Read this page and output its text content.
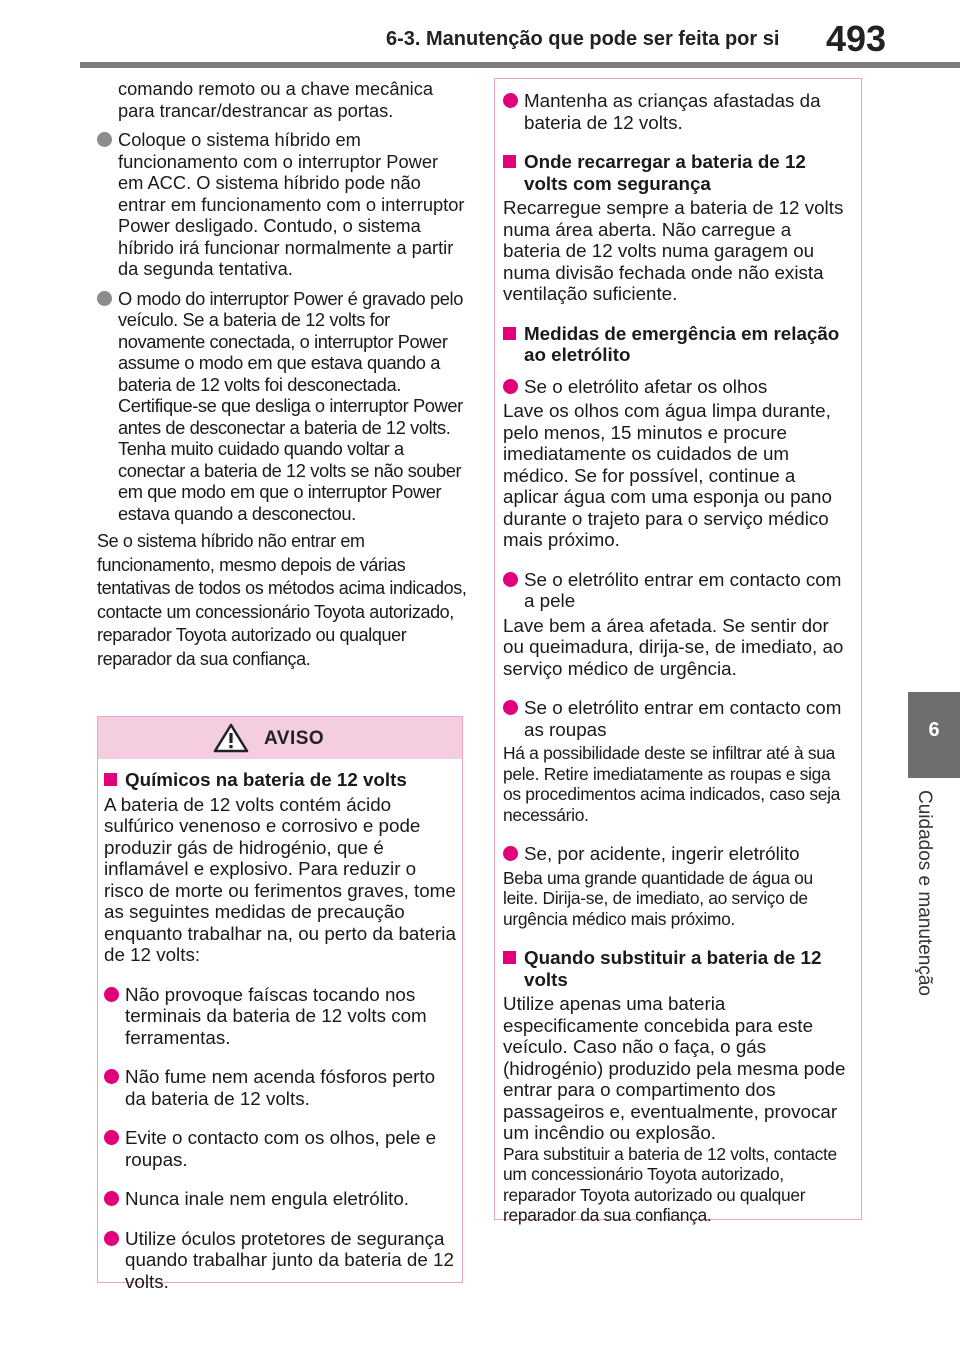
6-3. Manutenção que pode ser feita por si 493
6
Cuidados e manutenção
comando remoto ou a chave mecânica para trancar/destrancar as portas.
Coloque o sistema híbrido em funcionamento com o interruptor Power em ACC. O sistema híbrido pode não entrar em funcionamento com o interruptor Power desligado. Contudo, o sistema híbrido irá funcionar normalmente a partir da segunda tentativa.
O modo do interruptor Power é gravado pelo veículo. Se a bateria de 12 volts for novamente conectada, o interruptor Power assume o modo em que estava quando a bateria de 12 volts foi desconectada. Certifique-se que desliga o interruptor Power antes de desconectar a bateria de 12 volts. Tenha muito cuidado quando voltar a conectar a bateria de 12 volts se não souber em que modo em que o interruptor Power estava quando a desconectou.
Se o sistema híbrido não entrar em funcionamento, mesmo depois de várias tentativas de todos os métodos acima indicados, contacte um concessionário Toyota autorizado, reparador Toyota autorizado ou qualquer reparador da sua confiança.
AVISO
Químicos na bateria de 12 volts
A bateria de 12 volts contém ácido sulfúrico venenoso e corrosivo e pode produzir gás de hidrogénio, que é inflamável e explosivo. Para reduzir o risco de morte ou ferimentos graves, tome as seguintes medidas de precaução enquanto trabalhar na, ou perto da bateria de 12 volts:
Não provoque faíscas tocando nos terminais da bateria de 12 volts com ferramentas.
Não fume nem acenda fósforos perto da bateria de 12 volts.
Evite o contacto com os olhos, pele e roupas.
Nunca inale nem engula eletrólito.
Utilize óculos protetores de segurança quando trabalhar junto da bateria de 12 volts.
Mantenha as crianças afastadas da bateria de 12 volts.
Onde recarregar a bateria de 12 volts com segurança
Recarregue sempre a bateria de 12 volts numa área aberta. Não carregue a bateria de 12 volts numa garagem ou numa divisão fechada onde não exista ventilação suficiente.
Medidas de emergência em relação ao eletrólito
Se o eletrólito afetar os olhos
Lave os olhos com água limpa durante, pelo menos, 15 minutos e procure imediatamente os cuidados de um médico. Se for possível, continue a aplicar água com uma esponja ou pano durante o trajeto para o serviço médico mais próximo.
Se o eletrólito entrar em contacto com a pele
Lave bem a área afetada. Se sentir dor ou queimadura, dirija-se, de imediato, ao serviço médico de urgência.
Se o eletrólito entrar em contacto com as roupas
Há a possibilidade deste se infiltrar até à sua pele. Retire imediatamente as roupas e siga os procedimentos acima indicados, caso seja necessário.
Se, por acidente, ingerir eletrólito
Beba uma grande quantidade de água ou leite. Dirija-se, de imediato, ao serviço de urgência médico mais próximo.
Quando substituir a bateria de 12 volts
Utilize apenas uma bateria especificamente concebida para este veículo. Caso não o faça, o gás (hidrogénio) produzido pela mesma pode entrar para o compartimento dos passageiros e, eventualmente, provocar um incêndio ou explosão.
Para substituir a bateria de 12 volts, contacte um concessionário Toyota autorizado, reparador Toyota autorizado ou qualquer reparador da sua confiança.
